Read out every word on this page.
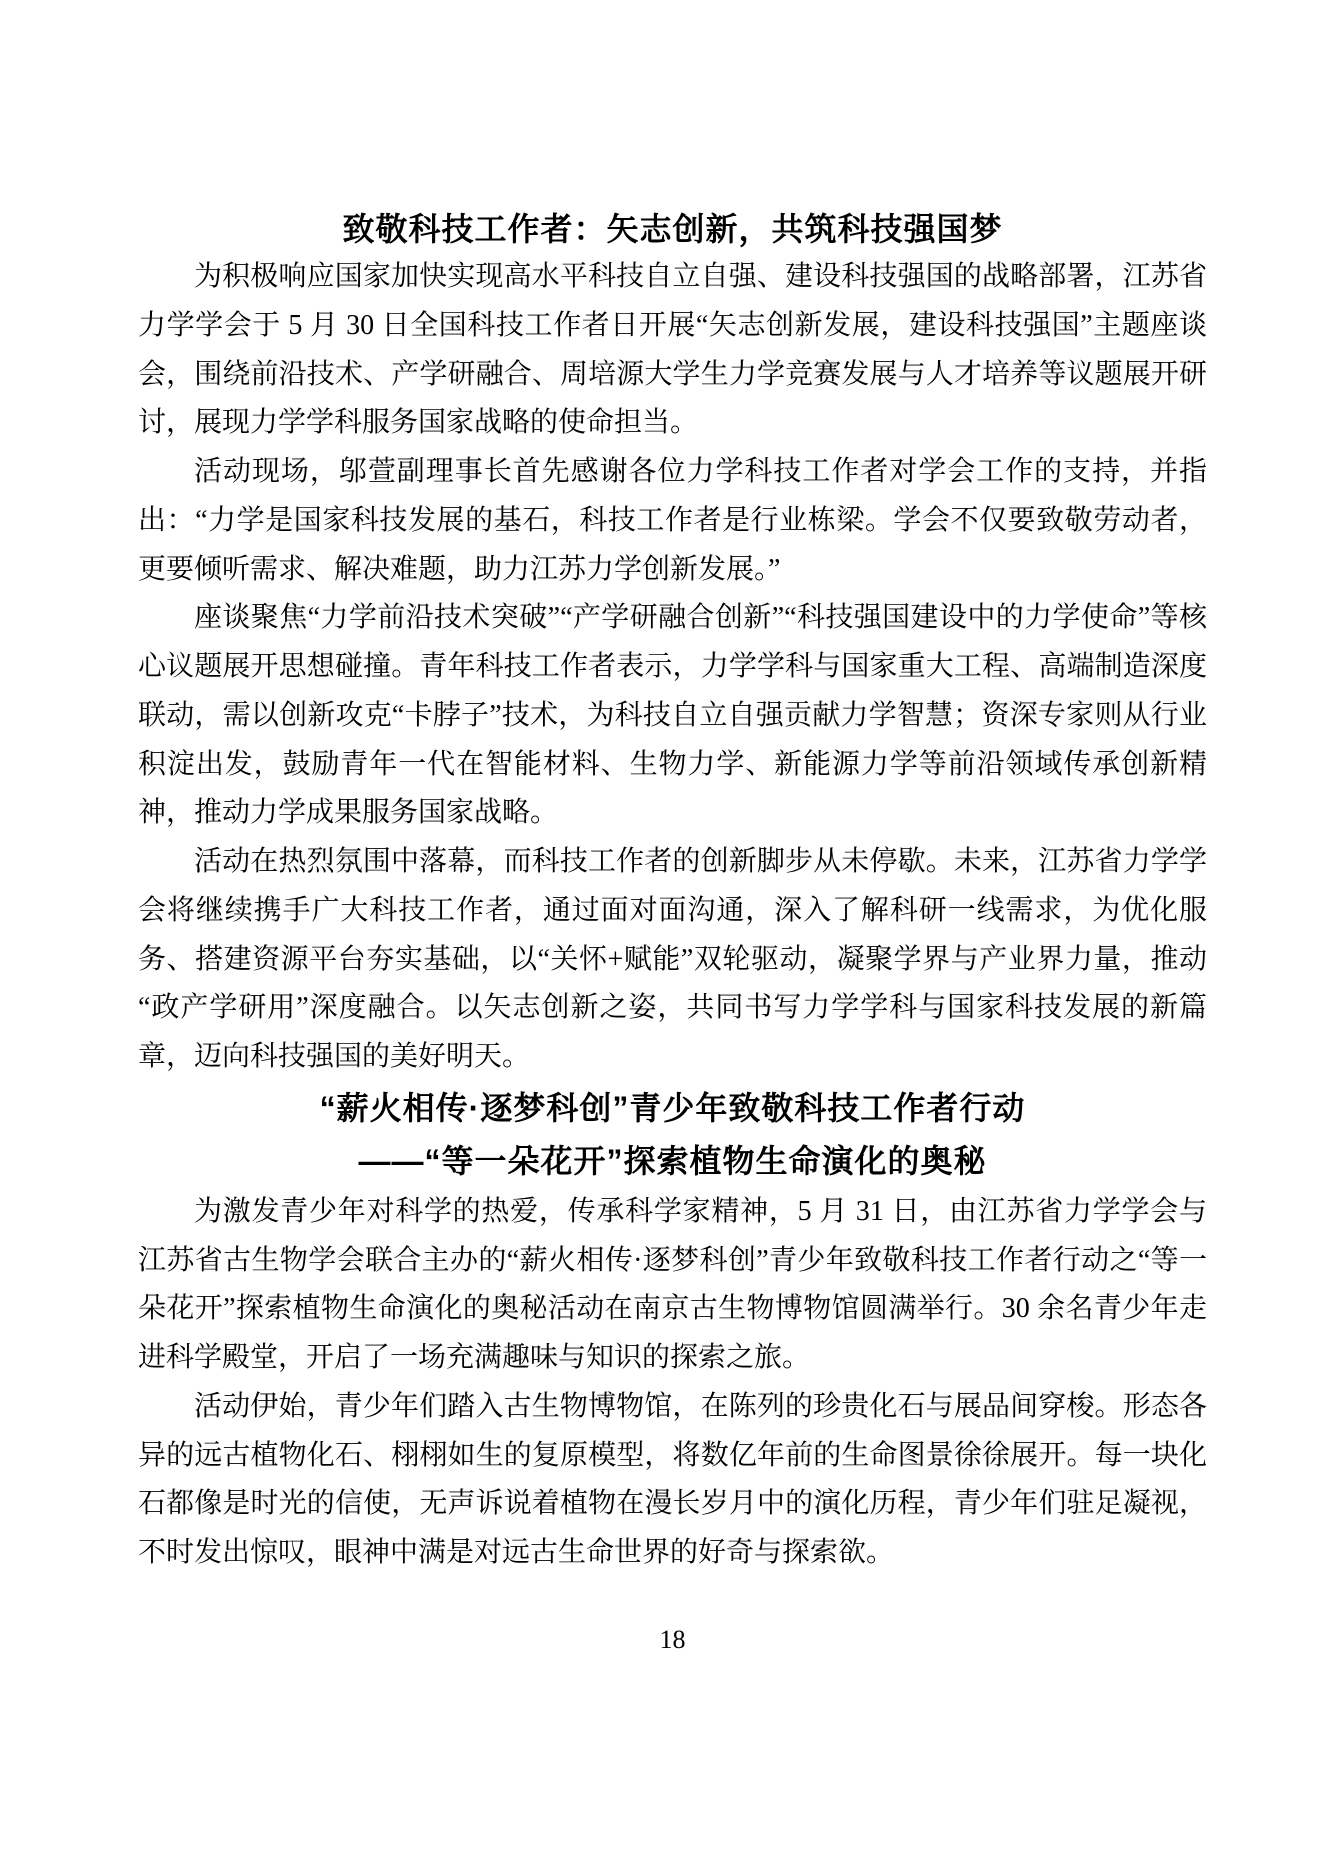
致敬科技工作者：矢志创新，共筑科技强国梦

为积极响应国家加快实现高水平科技自立自强、建设科技强国的战略部署，江苏省力学学会于 5 月 30 日全国科技工作者日开展“矢志创新发展，建设科技强国”主题座谈会，围绕前沿技术、产学研融合、周培源大学生力学竞赛发展与人才培养等议题展开研讨，展现力学学科服务国家战略的使命担当。

活动现场，邬萱副理事长首先感谢各位力学科技工作者对学会工作的支持，并指出：“力学是国家科技发展的基石，科技工作者是行业栋梁。学会不仅要致敬劳动者，更要倾听需求、解决难题，助力江苏力学创新发展。”

座谈聚焦“力学前沿技术突破”“产学研融合创新”“科技强国建设中的力学使命”等核心议题展开思想碰撞。青年科技工作者表示，力学学科与国家重大工程、高端制造深度联动，需以创新攻克“卡脖子”技术，为科技自立自强贡献力学智慧；资深专家则从行业积淀出发，鼓励青年一代在智能材料、生物力学、新能源力学等前沿领域传承创新精神，推动力学成果服务国家战略。

活动在热烈氛围中落幕，而科技工作者的创新脚步从未停歇。未来，江苏省力学学会将继续携手广大科技工作者，通过面对面沟通，深入了解科研一线需求，为优化服务、搭建资源平台夯实基础，以“关怀+赋能”双轮驱动，凝聚学界与产业界力量，推动“政产学研用”深度融合。以矢志创新之姿，共同书写力学学科与国家科技发展的新篇章，迈向科技强国的美好明天。

“薪火相传·逐梦科创”青少年致敬科技工作者行动
——“等一朵花开”探索植物生命演化的奥秘

为激发青少年对科学的热爱，传承科学家精神，5 月 31 日，由江苏省力学学会与江苏省古生物学会联合主办的“薪火相传·逐梦科创”青少年致敬科技工作者行动之“等一朵花开”探索植物生命演化的奥秘活动在南京古生物博物馆圆满举行。30 余名青少年走进科学殿堂，开启了一场充满趣味与知识的探索之旅。

活动伊始，青少年们踏入古生物博物馆，在陈列的珍贵化石与展品间穿梭。形态各异的远古植物化石、栩栩如生的复原模型，将数亿年前的生命图景徐徐展开。每一块化石都像是时光的信使，无声诉说着植物在漫长岁月中的演化历程，青少年们驻足凝视，不时发出惊叹，眼神中满是对远古生命世界的好奇与探索欲。

18
